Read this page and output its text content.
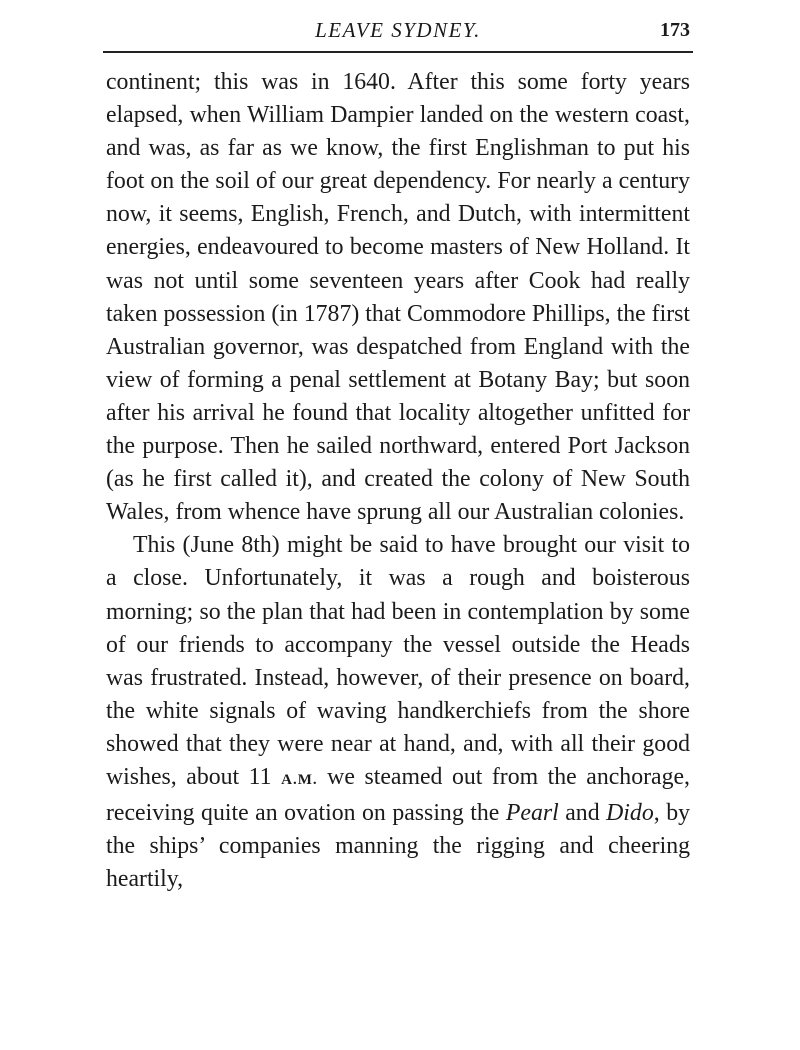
LEAVE SYDNEY.	173

continent; this was in 1640. After this some forty years elapsed, when William Dampier landed on the western coast, and was, as far as we know, the first Englishman to put his foot on the soil of our great dependency. For nearly a century now, it seems, English, French, and Dutch, with intermittent energies, endeavoured to become masters of New Holland. It was not until some seventeen years after Cook had really taken possession (in 1787) that Commodore Phillips, the first Australian governor, was despatched from England with the view of forming a penal settlement at Botany Bay; but soon after his arrival he found that locality altogether unfitted for the purpose. Then he sailed northward, entered Port Jackson (as he first called it), and created the colony of New South Wales, from whence have sprung all our Australian colonies.

This (June 8th) might be said to have brought our visit to a close. Unfortunately, it was a rough and boisterous morning; so the plan that had been in contemplation by some of our friends to accompany the vessel outside the Heads was frustrated. Instead, however, of their presence on board, the white signals of waving handkerchiefs from the shore showed that they were near at hand, and, with all their good wishes, about 11 A.M. we steamed out from the anchorage, receiving quite an ovation on passing the Pearl and Dido, by the ships’ companies manning the rigging and cheering heartily,
